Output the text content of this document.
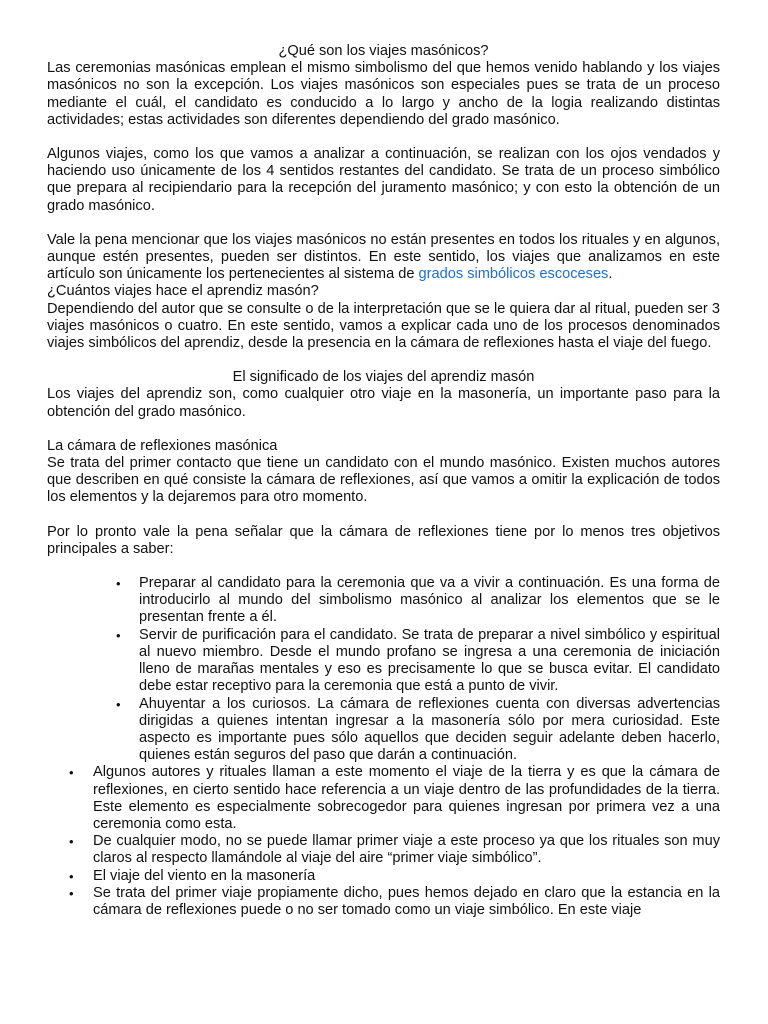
¿Qué son los viajes masónicos?

Las ceremonias masónicas emplean el mismo simbolismo del que hemos venido hablando y los viajes masónicos no son la excepción. Los viajes masónicos son especiales pues se trata de un proceso mediante el cuál, el candidato es conducido a lo largo y ancho de la logia realizando distintas actividades; estas actividades son diferentes dependiendo del grado masónico.

Algunos viajes, como los que vamos a analizar a continuación, se realizan con los ojos vendados y haciendo uso únicamente de los 4 sentidos restantes del candidato. Se trata de un proceso simbólico que prepara al recipiendario para la recepción del juramento masónico; y con esto la obtención de un grado masónico.

Vale la pena mencionar que los viajes masónicos no están presentes en todos los rituales y en algunos, aunque estén presentes, pueden ser distintos. En este sentido, los viajes que analizamos en este artículo son únicamente los pertenecientes al sistema de grados simbólicos escoceses.

¿Cuántos viajes hace el aprendiz masón?

Dependiendo del autor que se consulte o de la interpretación que se le quiera dar al ritual, pueden ser 3 viajes masónicos o cuatro. En este sentido, vamos a explicar cada uno de los procesos denominados viajes simbólicos del aprendiz, desde la presencia en la cámara de reflexiones hasta el viaje del fuego.

El significado de los viajes del aprendiz masón

Los viajes del aprendiz son, como cualquier otro viaje en la masonería, un importante paso para la obtención del grado masónico.

La cámara de reflexiones masónica

Se trata del primer contacto que tiene un candidato con el mundo masónico. Existen muchos autores que describen en qué consiste la cámara de reflexiones, así que vamos a omitir la explicación de todos los elementos y la dejaremos para otro momento.

Por lo pronto vale la pena señalar que la cámara de reflexiones tiene por lo menos tres objetivos principales a saber:

•	Preparar al candidato para la ceremonia que va a vivir a continuación. Es una forma de introducirlo al mundo del simbolismo masónico al analizar los elementos que se le presentan frente a él.
•	Servir de purificación para el candidato. Se trata de preparar a nivel simbólico y espiritual al nuevo miembro. Desde el mundo profano se ingresa a una ceremonia de iniciación lleno de marañas mentales y eso es precisamente lo que se busca evitar. El candidato debe estar receptivo para la ceremonia que está a punto de vivir.
•	Ahuyentar a los curiosos. La cámara de reflexiones cuenta con diversas advertencias dirigidas a quienes intentan ingresar a la masonería sólo por mera curiosidad. Este aspecto es importante pues sólo aquellos que deciden seguir adelante deben hacerlo, quienes están seguros del paso que darán a continuación.
•	Algunos autores y rituales llaman a este momento el viaje de la tierra y es que la cámara de reflexiones, en cierto sentido hace referencia a un viaje dentro de las profundidades de la tierra. Este elemento es especialmente sobrecogedor para quienes ingresan por primera vez a una ceremonia como esta.
•	De cualquier modo, no se puede llamar primer viaje a este proceso ya que los rituales son muy claros al respecto llamándole al viaje del aire “primer viaje simbólico”.
•	El viaje del viento en la masonería
•	Se trata del primer viaje propiamente dicho, pues hemos dejado en claro que la estancia en la cámara de reflexiones puede o no ser tomado como un viaje simbólico. En este viaje
